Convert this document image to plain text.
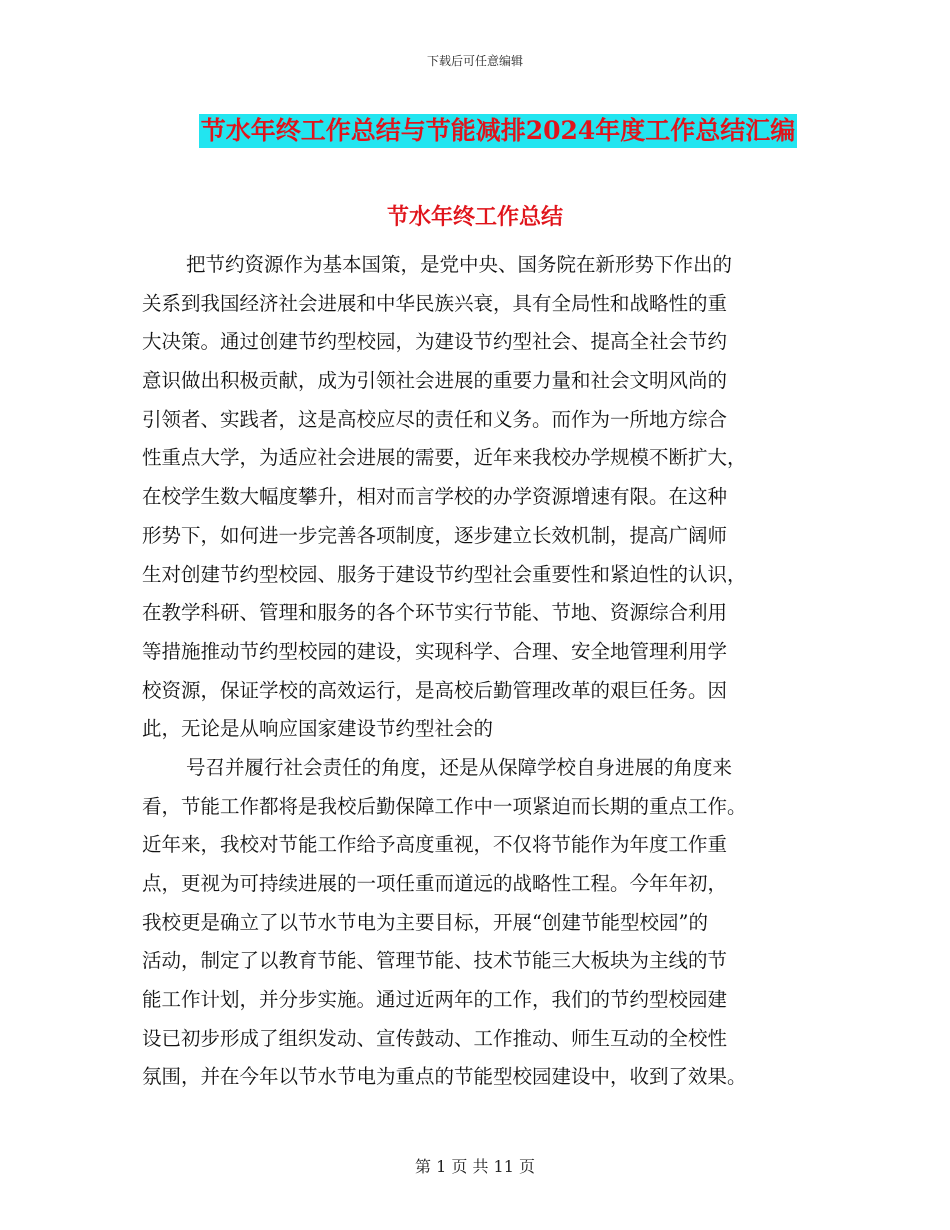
下载后可任意编辑
节水年终工作总结与节能减排2024年度工作总结汇编
节水年终工作总结
把节约资源作为基本国策，是党中央、国务院在新形势下作出的
关系到我国经济社会进展和中华民族兴衰，具有全局性和战略性的重
大决策。通过创建节约型校园，为建设节约型社会、提高全社会节约
意识做出积极贡献，成为引领社会进展的重要力量和社会文明风尚的
引领者、实践者，这是高校应尽的责任和义务。而作为一所地方综合
性重点大学，为适应社会进展的需要，近年来我校办学规模不断扩大，
在校学生数大幅度攀升，相对而言学校的办学资源增速有限。在这种
形势下，如何进一步完善各项制度，逐步建立长效机制，提高广阔师
生对创建节约型校园、服务于建设节约型社会重要性和紧迫性的认识，
在教学科研、管理和服务的各个环节实行节能、节地、资源综合利用
等措施推动节约型校园的建设，实现科学、合理、安全地管理利用学
校资源，保证学校的高效运行，是高校后勤管理改革的艰巨任务。因
此，无论是从响应国家建设节约型社会的
号召并履行社会责任的角度，还是从保障学校自身进展的角度来
看，节能工作都将是我校后勤保障工作中一项紧迫而长期的重点工作。
近年来，我校对节能工作给予高度重视，不仅将节能作为年度工作重
点，更视为可持续进展的一项任重而道远的战略性工程。今年年初，
我校更是确立了以节水节电为主要目标，开展“创建节能型校园”的
活动，制定了以教育节能、管理节能、技术节能三大板块为主线的节
能工作计划，并分步实施。通过近两年的工作，我们的节约型校园建
设已初步形成了组织发动、宣传鼓动、工作推动、师生互动的全校性
氛围，并在今年以节水节电为重点的节能型校园建设中，收到了效果。
第 1 页 共 11 页
